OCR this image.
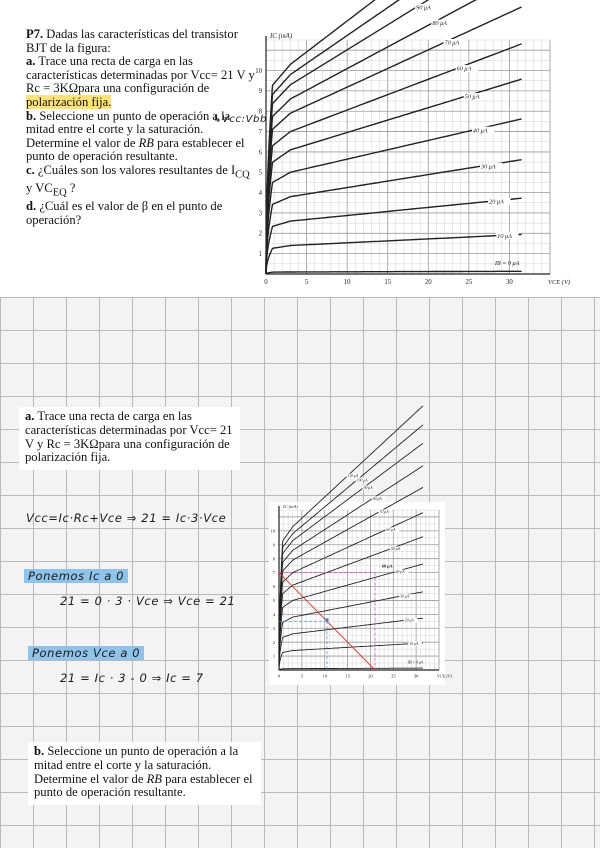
P7. Dadas las características del transistor BJT de la figura:

a. Trace una recta de carga en las características determinadas por Vcc= 21 V y Rc = 3KΩpara una configuración de polarización fija.

b. Seleccione un punto de operación a la mitad entre el corte y la saturación. Determine el valor de RB para establecer el punto de operación resultante.

c. ¿Cuáles son los valores resultantes de $I_{CQ}$ y $VC_{EQ}$ ?

d. ¿Cuál es el valor de β en el punto de operación?

↳Vcc:Vbb
0	5	10	15	20	25	30
1
2
3
4
5
6
7
8
9
10
IC (mA)
VCE (V)
IB = 0 μA
10 μA
20 μA
30 μA
40 μA
50 μA
60 μA
70 μA
80 μA
90 μA
a. Trace una recta de carga en las características determinadas por Vcc= 21 V y Rc = 3KΩpara una configuración de polarización fija.
Vcc=Ic·Rc+Vce ⇒ 21 = Ic·3·Vce
Ponemos Ic a 0
21 = 0 · 3 · Vce ⇒ Vce = 21
Ponemos Vce a 0
21 = Ic · 3 - 0 ⇒ Ic = 7	0	5	10	15	20	25	30
1
2
3
4
5
6
7
8
9
10
IC (mA)
VCE (V)
IB = 0 μA
10 μA
20 μA
30 μA
40 μA
50 μA
60 μA
70 μA
80 μA
90 μA
100 μA
110 μA
60 µA
b. Seleccione un punto de operación a la mitad entre el corte y la saturación. Determine el valor de RB para establecer el punto de operación resultante.
